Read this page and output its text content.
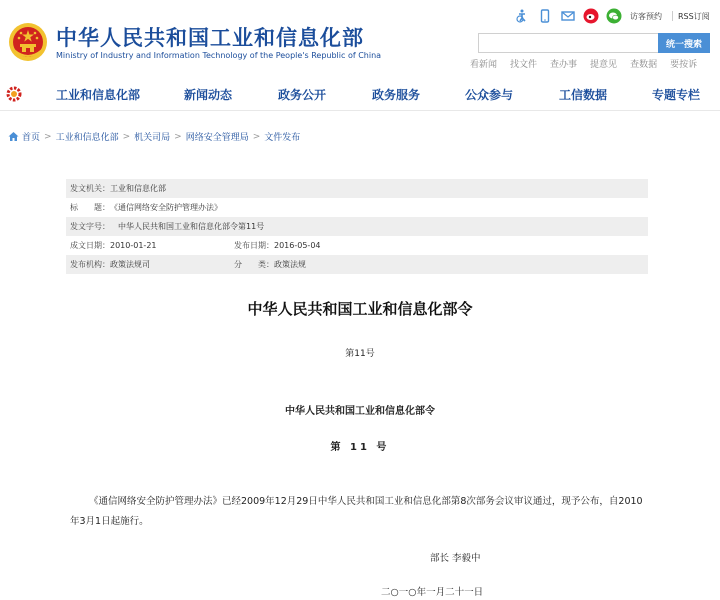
中华人民共和国工业和信息化部
Ministry of Industry and Information Technology of the People's Republic of China
访客预约 RSS订阅
统一搜索
看新闻 找文件 查办事 提意见 查数据 要按诉
工业和信息化部	新闻动态	政务公开	政务服务	公众参与	工信数据	专题专栏
首页 > 工业和信息化部 > 机关司局 > 网络安全管理局 > 文件发布
发文机关： 工业和信息化部
标　　题： 《通信网络安全防护管理办法》
发文字号： 中华人民共和国工业和信息化部令第11号
成文日期： 2010-01-21	发布日期： 2016-05-04
发布机构： 政策法规司	分　　类： 政策法规
中华人民共和国工业和信息化部令
第11号
中华人民共和国工业和信息化部令
第 11 号
《通信网络安全防护管理办法》已经2009年12月29日中华人民共和国工业和信息化部第8次部务会议审议通过，现予公布，自2010年3月1日起施行。
部长 李毅中
二○一○年一月二十一日
